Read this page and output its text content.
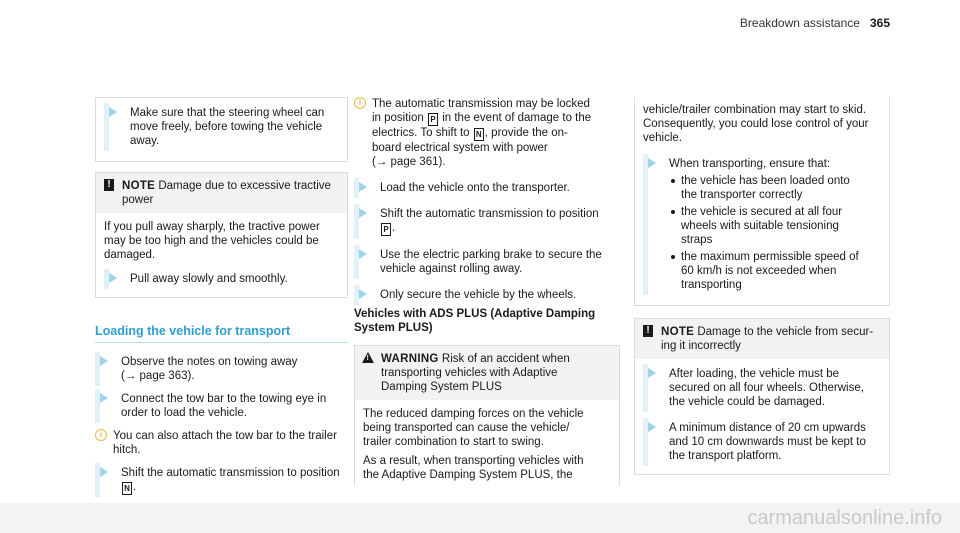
Breakdown assistance 365
Make sure that the steering wheel can
move freely, before towing the vehicle
away.
! NOTE Damage due to excessive tractive
power
If you pull away sharply, the tractive power
may be too high and the vehicles could be
damaged.
Pull away slowly and smoothly.
Loading the vehicle for transport
Observe the notes on towing away
(→ page 363).
Connect the tow bar to the towing eye in
order to load the vehicle.
i You can also attach the tow bar to the trailer
hitch.
Shift the automatic transmission to position
N .
i The automatic transmission may be locked
in position P in the event of damage to the
electrics. To shift to N , provide the on-
board electrical system with power
(→ page 361).
Load the vehicle onto the transporter.
Shift the automatic transmission to position
P .
Use the electric parking brake to secure the
vehicle against rolling away.
Only secure the vehicle by the wheels.
Vehicles with ADS PLUS (Adaptive Damping
System PLUS)
! WARNING Risk of an accident when
transporting vehicles with Adaptive
Damping System PLUS
The reduced damping forces on the vehicle
being transported can cause the vehicle/
trailer combination to start to swing.
As a result, when transporting vehicles with
the Adaptive Damping System PLUS, the
vehicle/trailer combination may start to skid.
Consequently, you could lose control of your
vehicle.
When transporting, ensure that:
the vehicle has been loaded onto
the transporter correctly
the vehicle is secured at all four
wheels with suitable tensioning
straps
the maximum permissible speed of
60 km/h is not exceeded when
transporting
! NOTE Damage to the vehicle from secur-
ing it incorrectly
After loading, the vehicle must be
secured on all four wheels. Otherwise,
the vehicle could be damaged.
A minimum distance of 20 cm upwards
and 10 cm downwards must be kept to
the transport platform.
carmanualsonline.info
